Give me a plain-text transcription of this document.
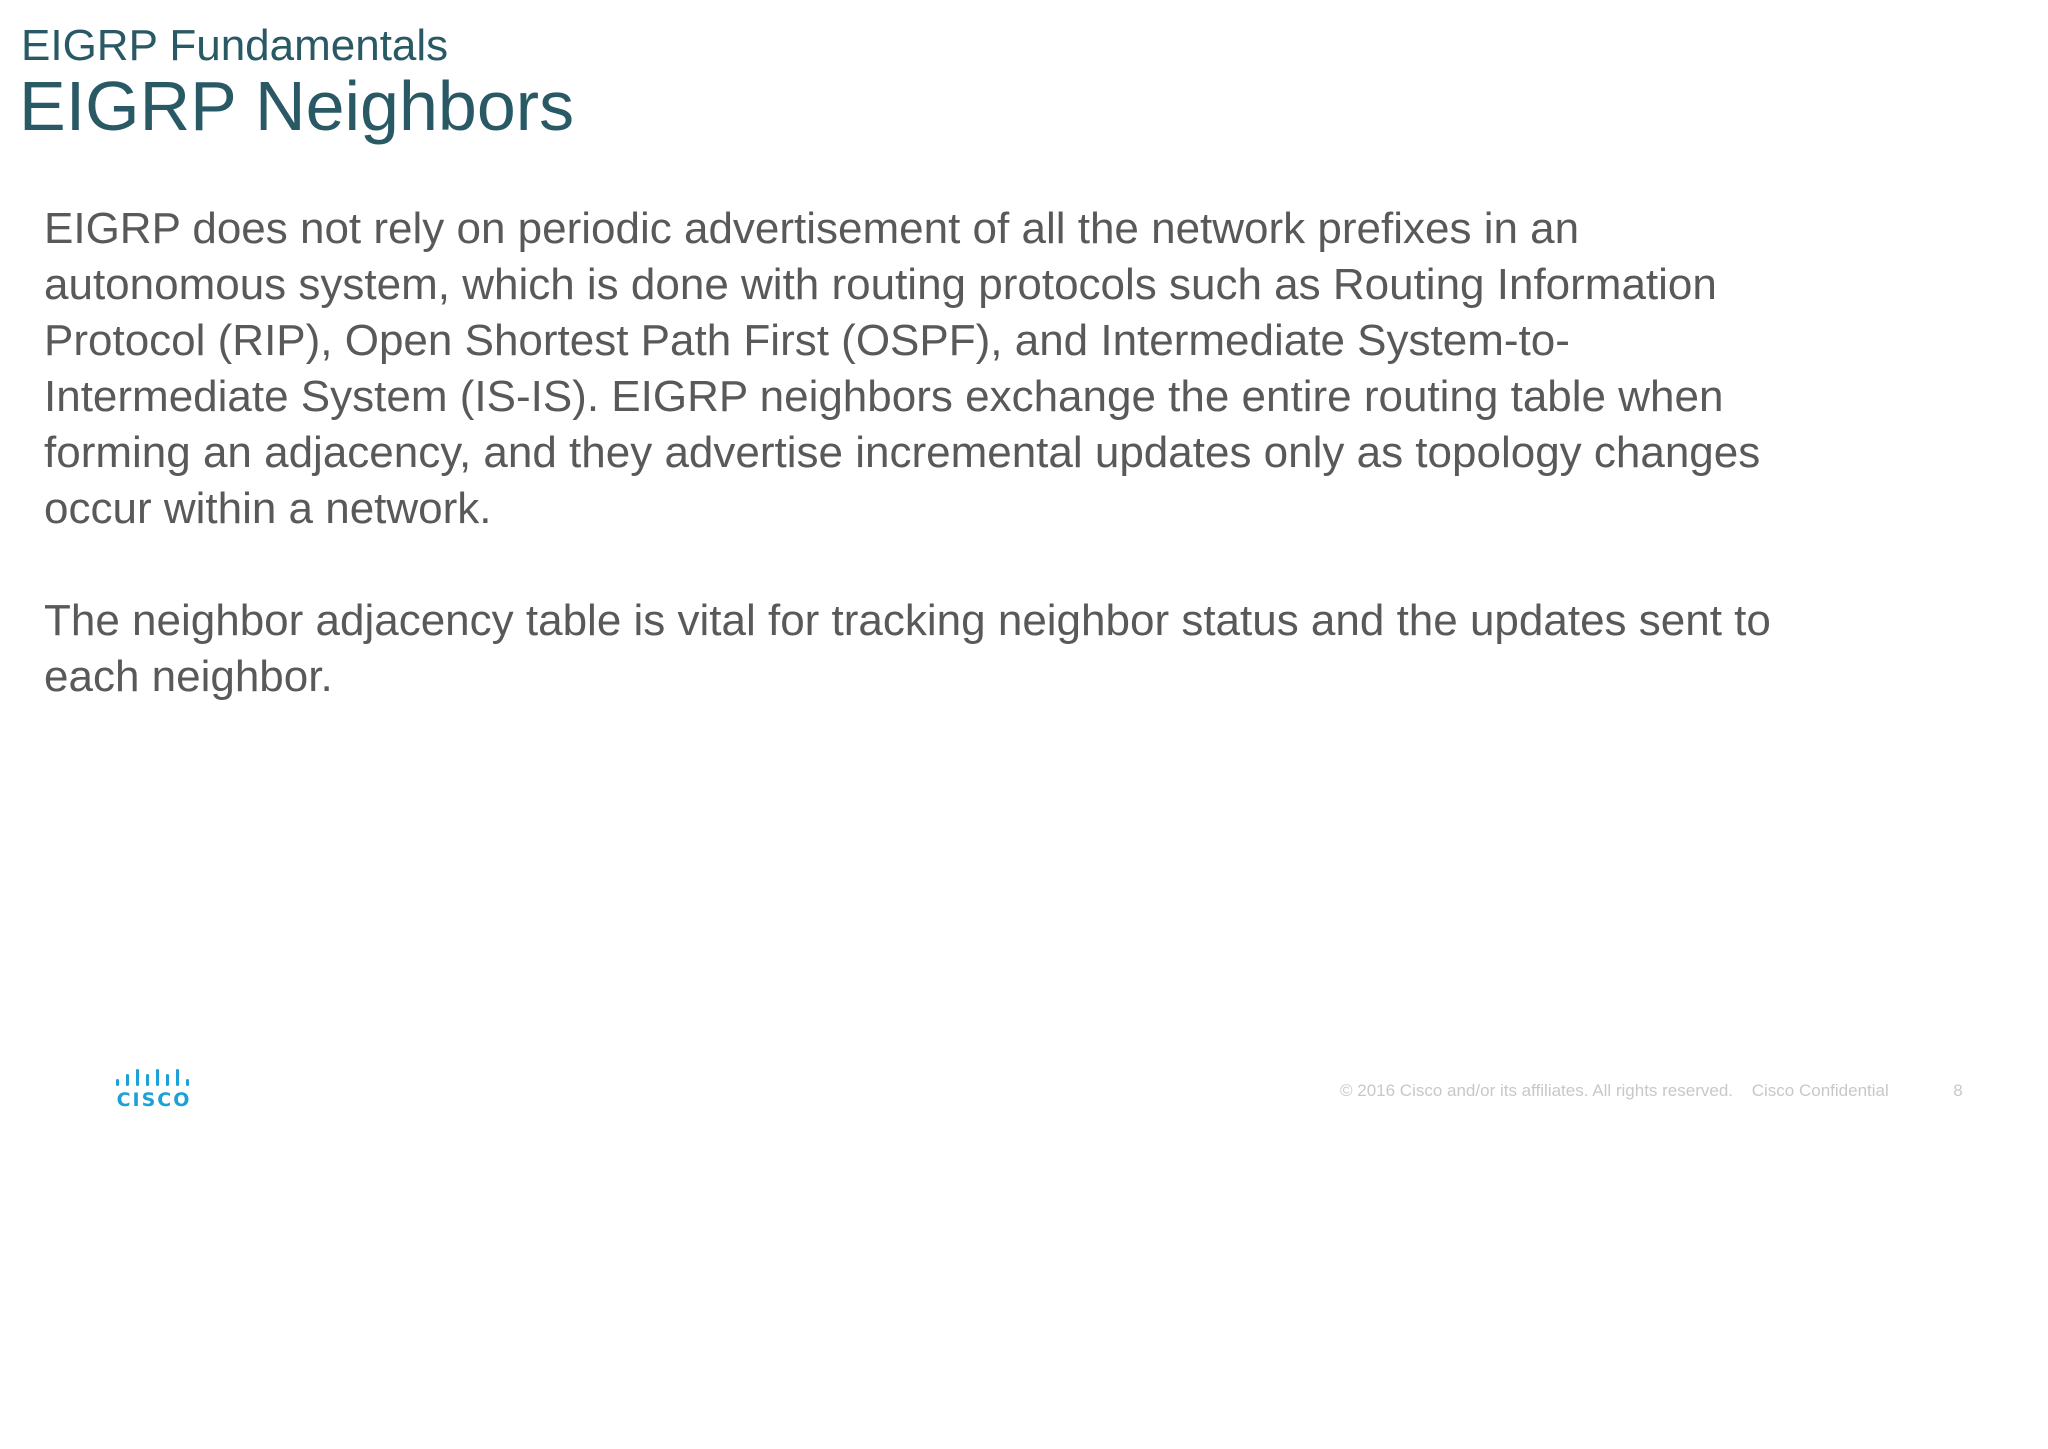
EIGRP Fundamentals
EIGRP Neighbors

EIGRP does not rely on periodic advertisement of all the network prefixes in an
autonomous system, which is done with routing protocols such as Routing Information
Protocol (RIP), Open Shortest Path First (OSPF), and Intermediate System-to-
Intermediate System (IS-IS). EIGRP neighbors exchange the entire routing table when
forming an adjacency, and they advertise incremental updates only as topology changes
occur within a network.

The neighbor adjacency table is vital for tracking neighbor status and the updates sent to
each neighbor.

CISCO	© 2016 Cisco and/or its affiliates. All rights reserved. Cisco Confidential	8
